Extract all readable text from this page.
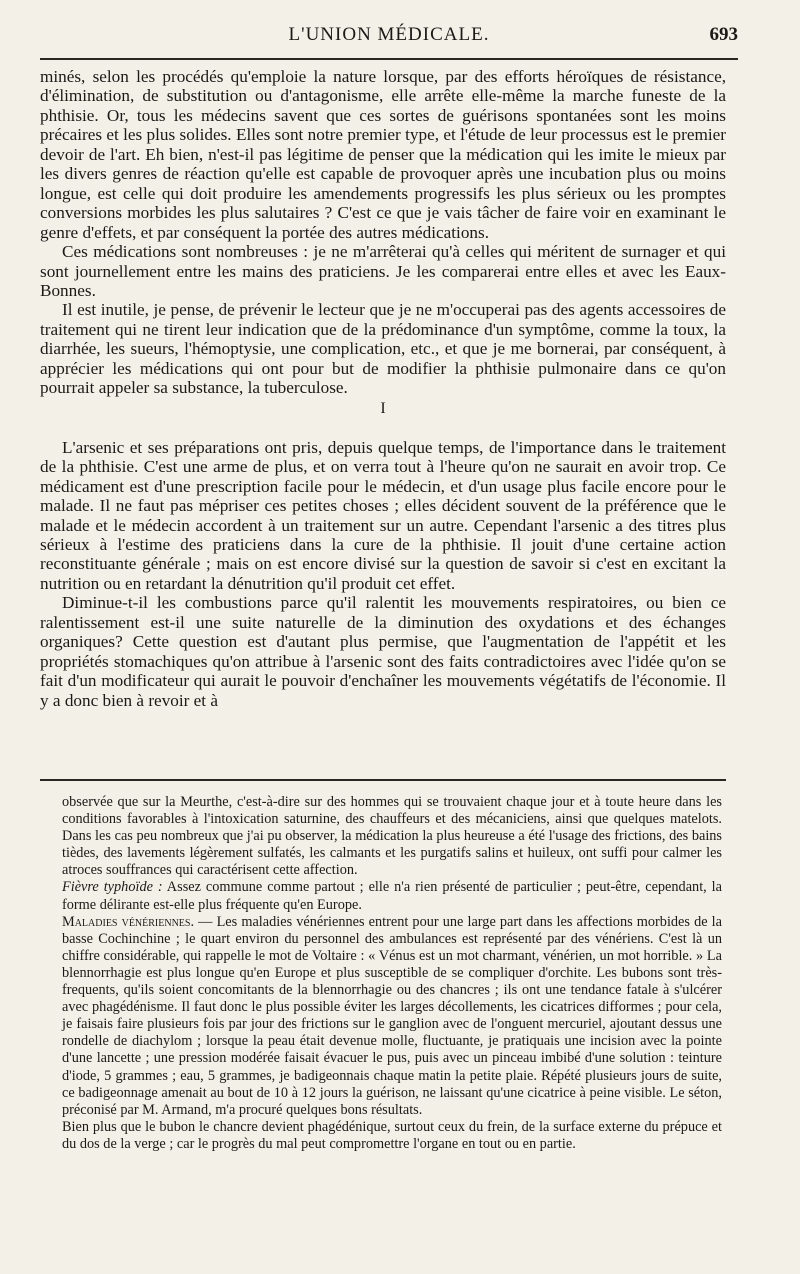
L'UNION MÉDICALE.	693

minés, selon les procédés qu'emploie la nature lorsque, par des efforts héroïques de résistance, d'élimination, de substitution ou d'antagonisme, elle arrête elle-même la marche funeste de la phthisie. Or, tous les médecins savent que ces sortes de guérisons spontanées sont les moins précaires et les plus solides. Elles sont notre premier type, et l'étude de leur processus est le premier devoir de l'art. Eh bien, n'est-il pas légitime de penser que la médication qui les imite le mieux par les divers genres de réaction qu'elle est capable de provoquer après une incubation plus ou moins longue, est celle qui doit produire les amendements progressifs les plus sérieux ou les promptes conversions morbides les plus salutaires ? C'est ce que je vais tâcher de faire voir en examinant le genre d'effets, et par conséquent la portée des autres médications.

Ces médications sont nombreuses : je ne m'arrêterai qu'à celles qui méritent de surnager et qui sont journellement entre les mains des praticiens. Je les comparerai entre elles et avec les Eaux-Bonnes.

Il est inutile, je pense, de prévenir le lecteur que je ne m'occuperai pas des agents accessoires de traitement qui ne tirent leur indication que de la prédominance d'un symptôme, comme la toux, la diarrhée, les sueurs, l'hémoptysie, une complication, etc., et que je me bornerai, par conséquent, à apprécier les médications qui ont pour but de modifier la phthisie pulmonaire dans ce qu'on pourrait appeler sa substance, la tuberculose.

I

L'arsenic et ses préparations ont pris, depuis quelque temps, de l'importance dans le traitement de la phthisie. C'est une arme de plus, et on verra tout à l'heure qu'on ne saurait en avoir trop. Ce médicament est d'une prescription facile pour le médecin, et d'un usage plus facile encore pour le malade. Il ne faut pas mépriser ces petites choses ; elles décident souvent de la préférence que le malade et le médecin accordent à un traitement sur un autre. Cependant l'arsenic a des titres plus sérieux à l'estime des praticiens dans la cure de la phthisie. Il jouit d'une certaine action reconstituante générale ; mais on est encore divisé sur la question de savoir si c'est en excitant la nutrition ou en retardant la dénutrition qu'il produit cet effet.

Diminue-t-il les combustions parce qu'il ralentit les mouvements respiratoires, ou bien ce ralentissement est-il une suite naturelle de la diminution des oxydations et des échanges organiques? Cette question est d'autant plus permise, que l'augmentation de l'appétit et les propriétés stomachiques qu'on attribue à l'arsenic sont des faits contradictoires avec l'idée qu'on se fait d'un modificateur qui aurait le pouvoir d'enchaîner les mouvements végétatifs de l'économie. Il y a donc bien à revoir et à

observée que sur la Meurthe, c'est-à-dire sur des hommes qui se trouvaient chaque jour et à toute heure dans les conditions favorables à l'intoxication saturnine, des chauffeurs et des mécaniciens, ainsi que quelques matelots. Dans les cas peu nombreux que j'ai pu observer, la médication la plus heureuse a été l'usage des frictions, des bains tièdes, des lavements légèrement sulfatés, les calmants et les purgatifs salins et huileux, ont suffi pour calmer les atroces souffrances qui caractérisent cette affection.

Fièvre typhoïde : Assez commune comme partout ; elle n'a rien présenté de particulier ; peut-être, cependant, la forme délirante est-elle plus fréquente qu'en Europe.

Maladies vénériennes. — Les maladies vénériennes entrent pour une large part dans les affections morbides de la basse Cochinchine ; le quart environ du personnel des ambulances est représenté par des vénériens. C'est là un chiffre considérable, qui rappelle le mot de Voltaire : « Vénus est un mot charmant, vénérien, un mot horrible. » La blennorrhagie est plus longue qu'en Europe et plus susceptible de se compliquer d'orchite. Les bubons sont très-frequents, qu'ils soient concomitants de la blennorrhagie ou des chancres ; ils ont une tendance fatale à s'ulcérer avec phagédénisme. Il faut donc le plus possible éviter les larges décollements, les cicatrices difformes ; pour cela, je faisais faire plusieurs fois par jour des frictions sur le ganglion avec de l'onguent mercuriel, ajoutant dessus une rondelle de diachylom ; lorsque la peau était devenue molle, fluctuante, je pratiquais une incision avec la pointe d'une lancette ; une pression modérée faisait évacuer le pus, puis avec un pinceau imbibé d'une solution : teinture d'iode, 5 grammes ; eau, 5 grammes, je badigeonnais chaque matin la petite plaie. Répété plusieurs jours de suite, ce badigeonnage amenait au bout de 10 à 12 jours la guérison, ne laissant qu'une cicatrice à peine visible. Le séton, préconisé par M. Armand, m'a procuré quelques bons résultats.

Bien plus que le bubon le chancre devient phagédénique, surtout ceux du frein, de la surface externe du prépuce et du dos de la verge ; car le progrès du mal peut compromettre l'organe en tout ou en partie.
